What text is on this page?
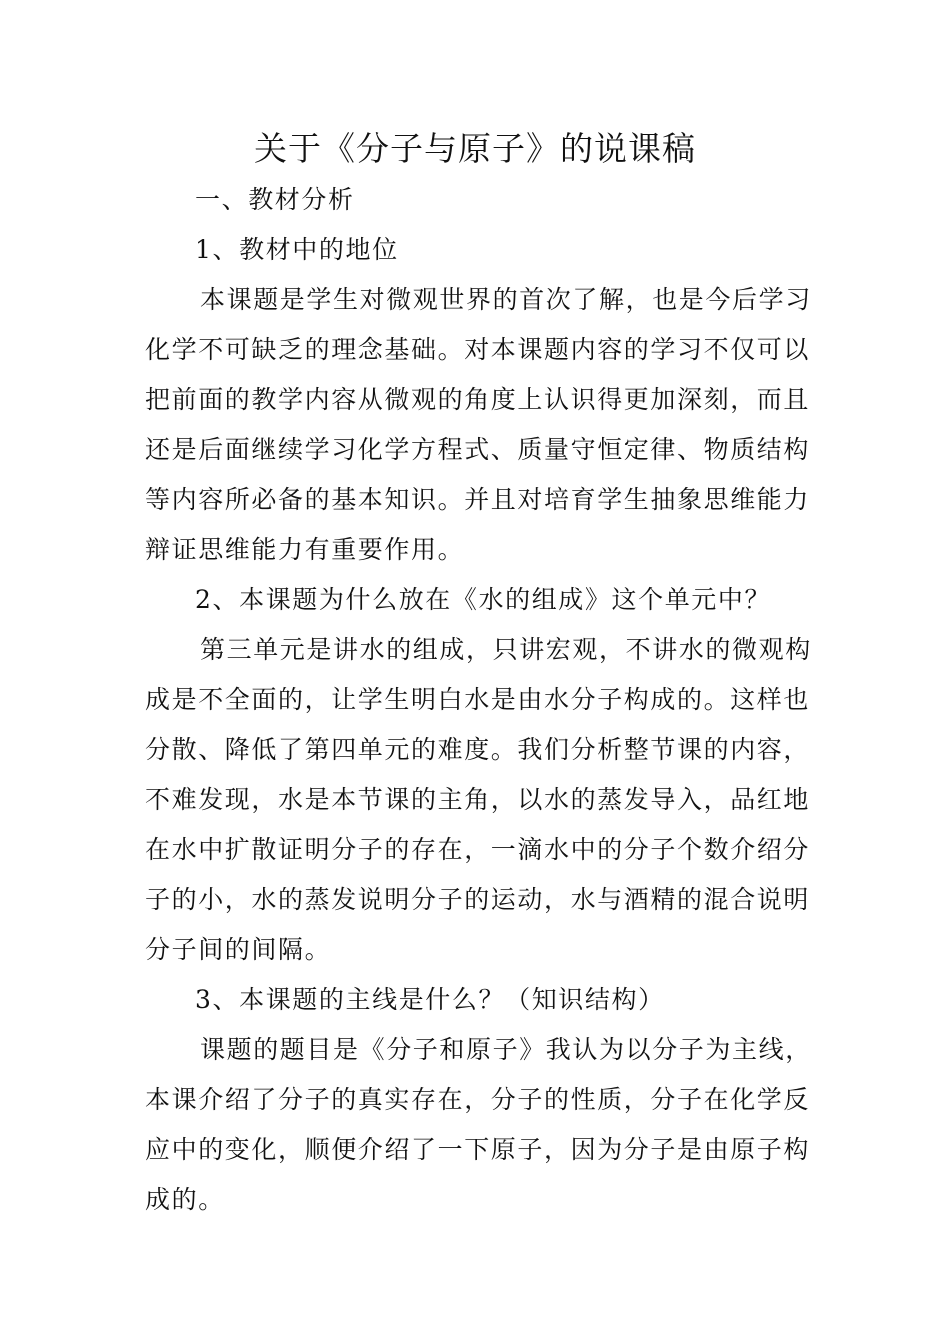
关于《分子与原子》的说课稿
一、教材分析
1、教材中的地位
本课题是学生对微观世界的首次了解，也是今后学习
化学不可缺乏的理念基础。对本课题内容的学习不仅可以
把前面的教学内容从微观的角度上认识得更加深刻，而且
还是后面继续学习化学方程式、质量守恒定律、物质结构
等内容所必备的基本知识。并且对培育学生抽象思维能力
辩证思维能力有重要作用。
2、本课题为什么放在《水的组成》这个单元中？
第三单元是讲水的组成，只讲宏观，不讲水的微观构
成是不全面的，让学生明白水是由水分子构成的。这样也
分散、降低了第四单元的难度。我们分析整节课的内容，
不难发现，水是本节课的主角，以水的蒸发导入，品红地
在水中扩散证明分子的存在，一滴水中的分子个数介绍分
子的小，水的蒸发说明分子的运动，水与酒精的混合说明
分子间的间隔。
3、本课题的主线是什么？（知识结构）
课题的题目是《分子和原子》我认为以分子为主线，
本课介绍了分子的真实存在，分子的性质，分子在化学反
应中的变化，顺便介绍了一下原子，因为分子是由原子构
成的。
